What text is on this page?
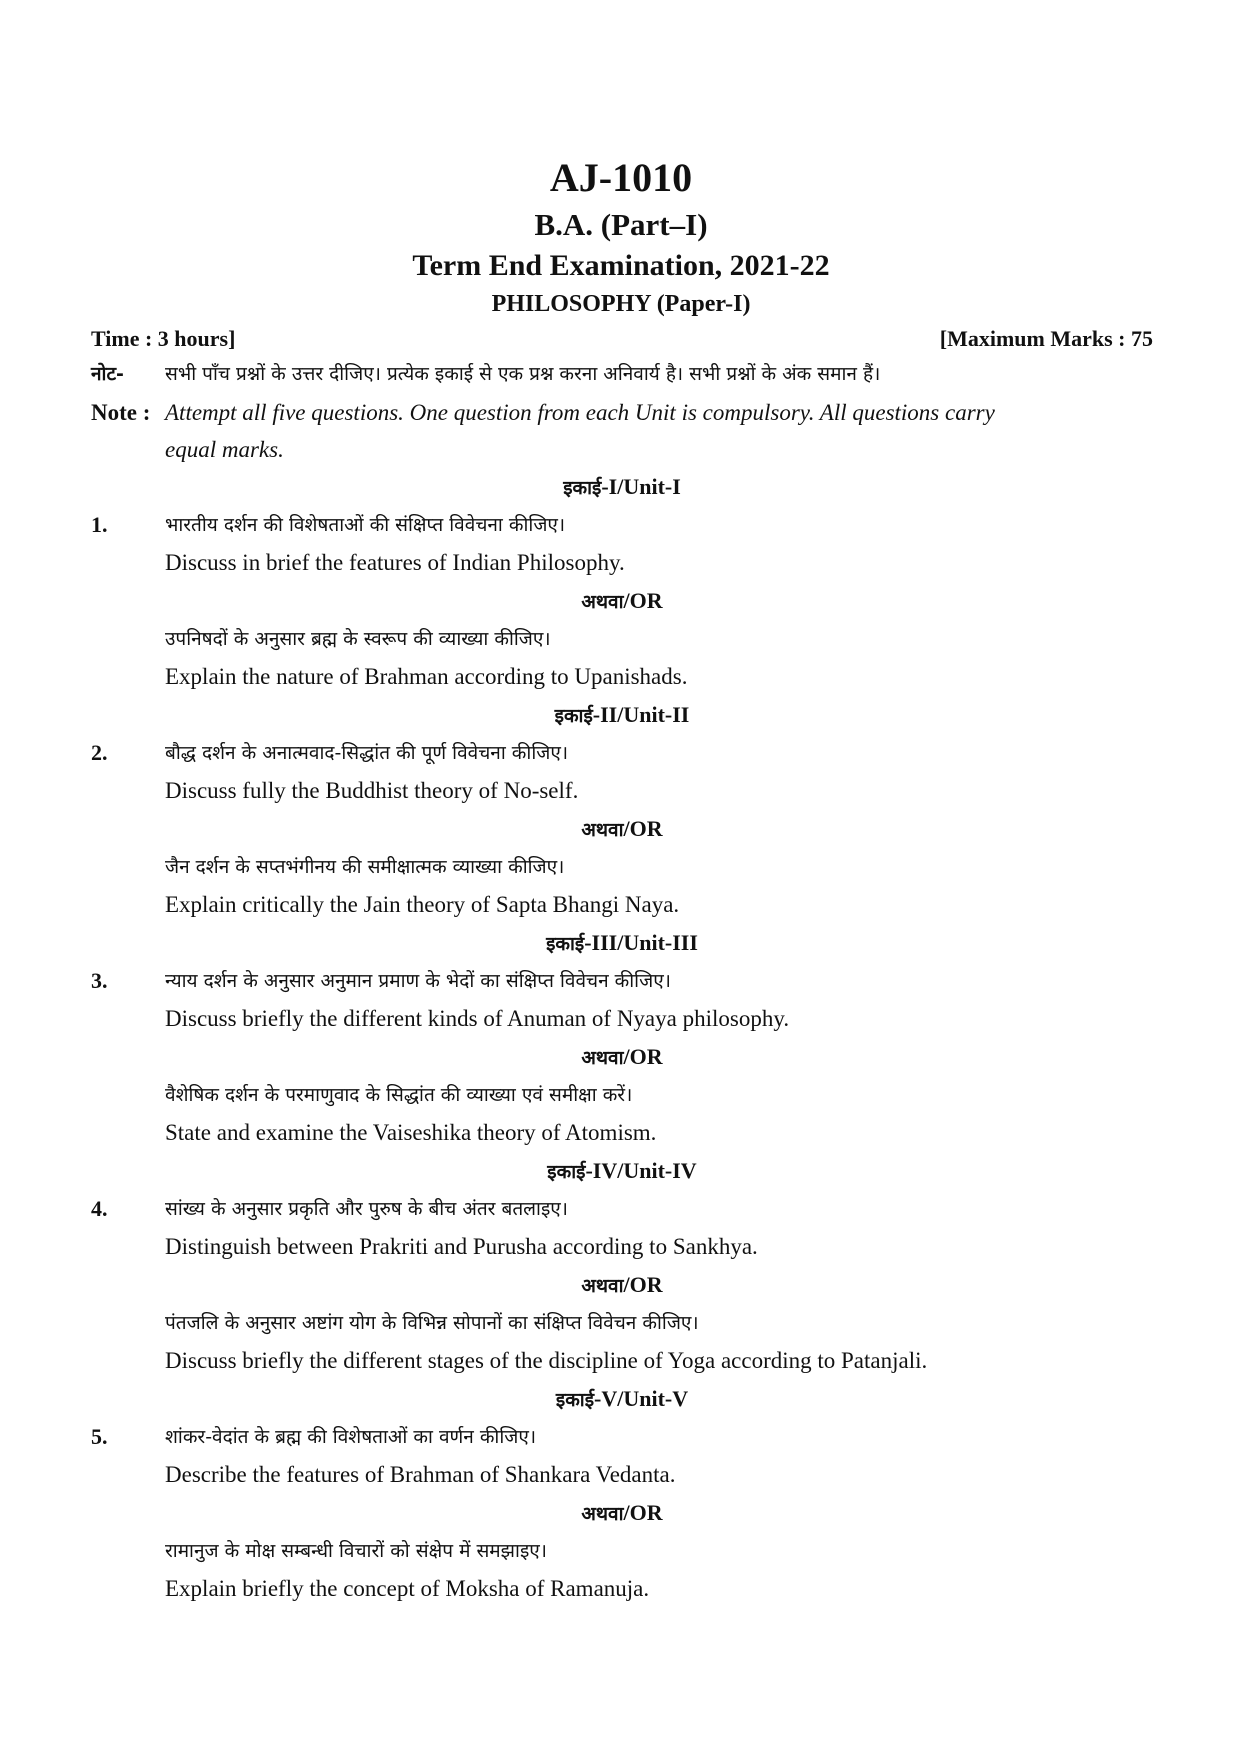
AJ-1010
B.A. (Part–I)
Term End Examination, 2021-22
PHILOSOPHY (Paper-I)
Time : 3 hours]	[Maximum Marks : 75
नोट-	सभी पाँच प्रश्नों के उत्तर दीजिए। प्रत्येक इकाई से एक प्रश्न करना अनिवार्य है। सभी प्रश्नों के अंक समान हैं।
Note : Attempt all five questions. One question from each Unit is compulsory. All questions carry
equal marks.
इकाई-I/Unit-I
1.	भारतीय दर्शन की विशेषताओं की संक्षिप्त विवेचना कीजिए।
Discuss in brief the features of Indian Philosophy.
अथवा/OR
उपनिषदों के अनुसार ब्रह्म के स्वरूप की व्याख्या कीजिए।
Explain the nature of Brahman according to Upanishads.
इकाई-II/Unit-II
2.	बौद्ध दर्शन के अनात्मवाद-सिद्धांत की पूर्ण विवेचना कीजिए।
Discuss fully the Buddhist theory of No-self.
अथवा/OR
जैन दर्शन के सप्तभंगीनय की समीक्षात्मक व्याख्या कीजिए।
Explain critically the Jain theory of Sapta Bhangi Naya.
इकाई-III/Unit-III
3.	न्याय दर्शन के अनुसार अनुमान प्रमाण के भेदों का संक्षिप्त विवेचन कीजिए।
Discuss briefly the different kinds of Anuman of Nyaya philosophy.
अथवा/OR
वैशेषिक दर्शन के परमाणुवाद के सिद्धांत की व्याख्या एवं समीक्षा करें।
State and examine the Vaiseshika theory of Atomism.
इकाई-IV/Unit-IV
4.	सांख्य के अनुसार प्रकृति और पुरुष के बीच अंतर बतलाइए।
Distinguish between Prakriti and Purusha according to Sankhya.
अथवा/OR
पंतजलि के अनुसार अष्टांग योग के विभिन्न सोपानों का संक्षिप्त विवेचन कीजिए।
Discuss briefly the different stages of the discipline of Yoga according to Patanjali.
इकाई-V/Unit-V
5.	शांकर-वेदांत के ब्रह्म की विशेषताओं का वर्णन कीजिए।
Describe the features of Brahman of Shankara Vedanta.
अथवा/OR
रामानुज के मोक्ष सम्बन्धी विचारों को संक्षेप में समझाइए।
Explain briefly the concept of Moksha of Ramanuja.
